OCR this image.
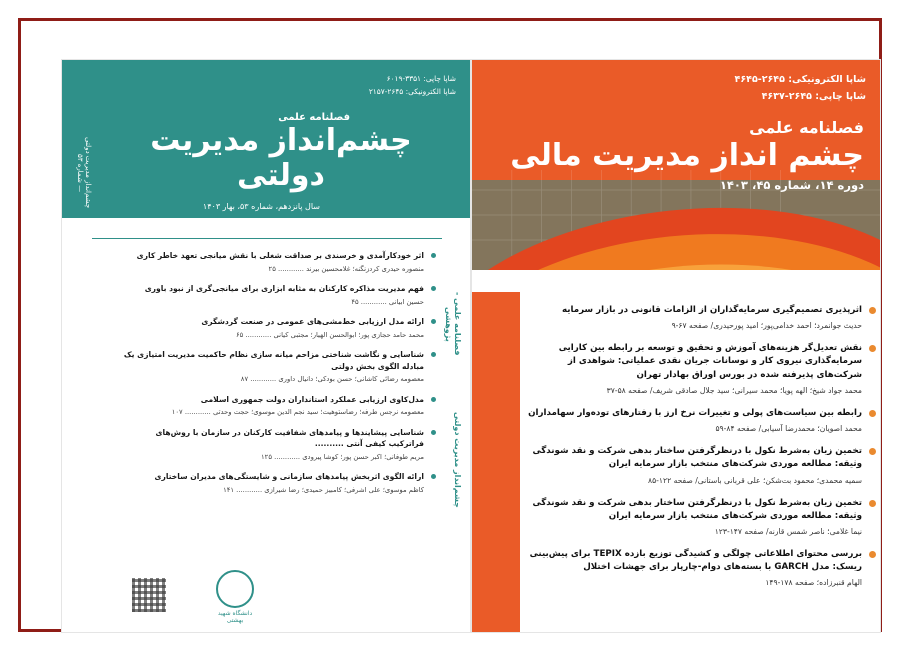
شاپا الکترونیکی: ۲۶۴۵-۴۶۴۵
شاپا چاپی: ۲۶۴۵-۴۶۳۷
فصلنامه علمی
چشم انداز مدیریت مالی
دوره ۱۴، شماره ۴۵، ۱۴۰۳
اثرپذیری تصمیم‌گیری سرمایه‌گذاران از الزامات قانونی در بازار سرمایه
حدیث جوانمرد؛ احمد خدامی‌پور؛ امید پورحیدری/ صفحه ۶۷-۹
نقش تعدیل‌گر هزینه‌های آموزش و تحقیق و توسعه بر رابطه بین کارایی سرمایه‌گذاری نیروی کار و نوسانات جریان نقدی عملیاتی: شواهدی از شرکت‌های پذیرفته شده در بورس اوراق بهادار تهران
محمد جواد شیخ؛ الهه پویا؛ محمد سیرانی؛ سید جلال صادقی شریف/ صفحه ۵۸-۳۷
رابطه بین سیاست‌های پولی و تغییرات نرخ ارز با رفتارهای توده‌وار سهامداران
محمد اصویان؛ محمدرضا آسیابی/ صفحه ۸۴-۵۹
تخمین زیان به‌شرط نکول با درنظرگرفتن ساختار بدهی شرکت و نقد شوندگی وثیقه: مطالعه موردی شرکت‌های منتخب بازار سرمایه ایران
سمیه محمدی؛ محمود بت‌شکن؛ علی قربانی باستانی/ صفحه ۱۲۲-۸۵
تخمین زیان به‌شرط نکول با درنظرگرفتن ساختار بدهی شرکت و نقد شوندگی وثیقه: مطالعه موردی شرکت‌های منتخب بازار سرمایه ایران
نیما غلامی؛ ناصر شمس قارنه/ صفحه ۱۴۷-۱۲۳
بررسی محتوای اطلاعاتی چولگی و کشیدگی توزیع بازده TEPIX برای پیش‌بینی ریسک: مدل GARCH با بسته‌های دوام-چارپار برای جهشات اختلال
الهام قنبرزاده؛ صفحه ۱۷۸-۱۴۹
شاپا چاپی: ۳۳۵۱-۶۰۱۹
شاپا الکترونیکی: ۲۶۴۵-۲۱۵۷
فصلنامه علمی
چشم‌انداز مدیریت
دولتی
سال پانزدهم، شماره ۵۳، بهار ۱۴۰۳
چشم‌انداز مدیریت دولتی — شماره ۵۳
فصلنامه علمی - پژوهشی
چشم‌انداز مدیریت دولتی
اثر خودکارآمدی و خرسندی بر صداقت شغلی با نقش میانجی تعهد خاطر کاری
منصوره حیدری کردزنگنه؛ غلامحسین بیرند ............ ۲۵
فهم مدیریت مذاکره کارکنان به مثابه ابزاری برای میانجی‌گری از نبود باوری
حسین ابیانی ............ ۴۵
ارائه مدل ارزیابی خط‌مشی‌های عمومی در صنعت گردشگری
محمد حامد حجازی پور؛ ابوالحسن الهیار؛ مجتبی کیانی ............ ۶۵
شناسایی و نگاشت شناختی مزاحم میانه سازی نظام حاکمیت مدیریت امتیازی یک مبادله الگوی بخش دولتی
معصومه رضائی کاشانی؛ حسن بودکی؛ دانیال داوری ............ ۸۷
مدل‌کاوی ارزیابی عملکرد استانداران دولت جمهوری اسلامی
معصومه نرجس طرفه؛ رضاستوهیت؛ سید نجم الدین موسوی؛ حجت وحدتی ............ ۱۰۷
شناسایی پیشایندها و پیامدهای شفافیت کارکنان در سازمان با روش‌های فراترکیب کیفی آنتی ..........
مریم طوفانی؛ اکبر حسن پور؛ کوشا پیرودی ............ ۱۲۵
ارائه الگوی اثربخش پیامدهای سازمانی و شایستگی‌های مدیران ساختاری
کاظم موسوی؛ علی اشرفی؛ کامبیز حمیدی؛ رضا شیرازی ............ ۱۴۱
دانشگاه شهید بهشتی
